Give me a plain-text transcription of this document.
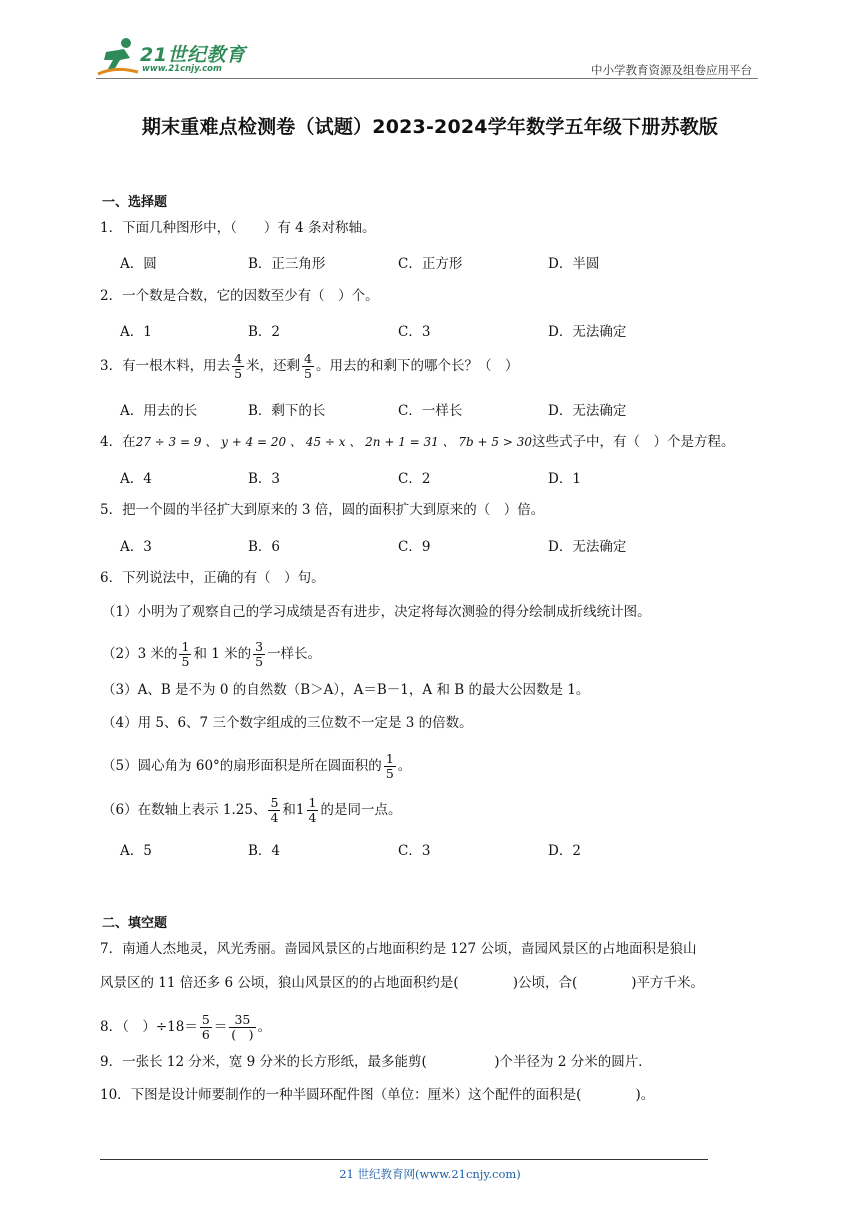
21世纪教育
www.21cnjy.com	中小学教育资源及组卷应用平台
期末重难点检测卷（试题）2023-2024学年数学五年级下册苏教版
一、选择题
1．下面几种图形中，（　　）有 4 条对称轴。
A．圆	B．正三角形	C．正方形	D．半圆
2．一个数是合数，它的因数至少有（　）个。
A．1	B．2	C．3	D．无法确定
3．有一根木料，用去 $\frac{4}{5}$ 米，还剩 $\frac{4}{5}$ 。用去的和剩下的哪个长？（　）
A．用去的长	B．剩下的长	C．一样长	D．无法确定
4．在27 ÷ 3 = 9 、 y + 4 = 20 、 45 ÷ x 、 2n + 1 = 31 、 7b + 5 > 30这些式子中，有（　）个是方程。
A．4	B．3	C．2	D．1
5．把一个圆的半径扩大到原来的 3 倍，圆的面积扩大到原来的（　）倍。
A．3	B．6	C．9	D．无法确定
6．下列说法中，正确的有（　）句。
（1）小明为了观察自己的学习成绩是否有进步，决定将每次测验的得分绘制成折线统计图。
（2）3 米的 $\frac{1}{5}$ 和 1 米的 $\frac{3}{5}$ 一样长。
（3）A、B 是不为 0 的自然数（B＞A），A＝B－1，A 和 B 的最大公因数是 1。
（4）用 5、6、7 三个数字组成的三位数不一定是 3 的倍数。
（5）圆心角为 60°的扇形面积是所在圆面积的 $\frac{1}{5}$ 。
（6）在数轴上表示 1.25、 $\frac{5}{4}$ 和$1 \frac{1}{4}$ 的是同一点。
A．5	B．4	C．3	D．2
二、填空题
7．南通人杰地灵，风光秀丽。啬园风景区的占地面积约是 127 公顷，啬园风景区的占地面积是狼山
风景区的 11 倍还多 6 公顷，狼山风景区的的占地面积约是(　　　　)公顷，合(　　　　)平方千米。
8．（　）$\div 18= \frac{5}{6} = \frac{35}{( )}$ 。
9．一张长 12 分米，宽 9 分米的长方形纸，最多能剪(　　　　　)个半径为 2 分米的圆片．
10．下图是设计师要制作的一种半圆环配件图（单位：厘米）这个配件的面积是(　　　　)。
21 世纪教育网(www.21cnjy.com)
